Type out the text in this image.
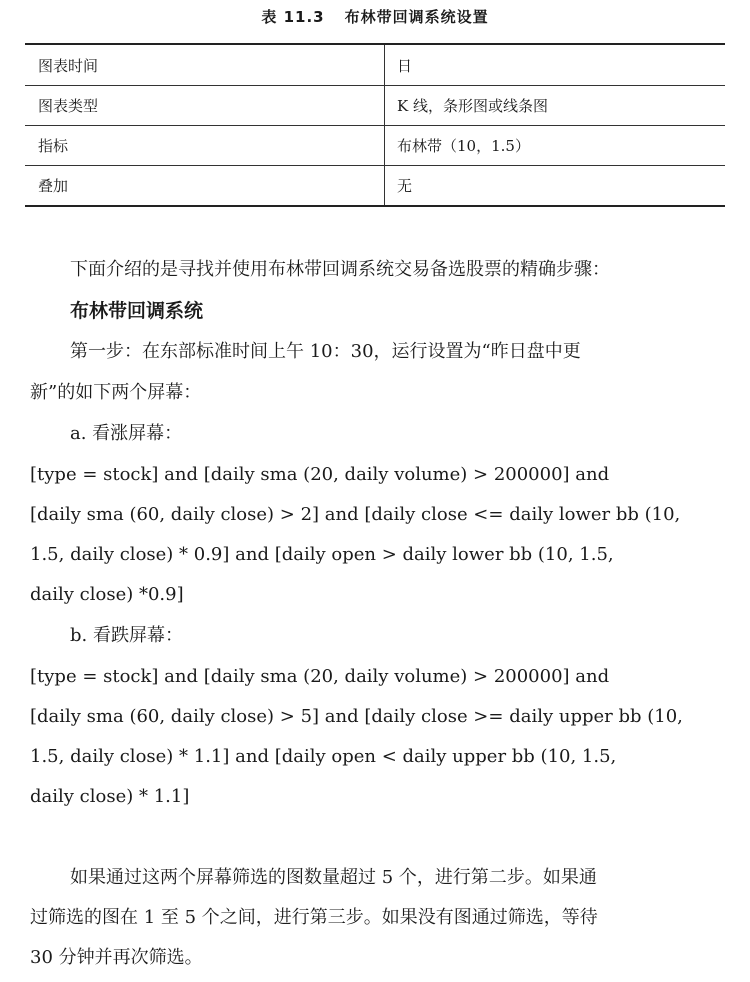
表 11.3 布林带回调系统设置
图表时间	日
图表类型	K 线，条形图或线条图
指标	布林带（10，1.5）
叠加	无

下面介绍的是寻找并使用布林带回调系统交易备选股票的精确步骤：

布林带回调系统

第一步：在东部标准时间上午 10：30，运行设置为“昨日盘中更

新”的如下两个屏幕：

a. 看涨屏幕：

[type = stock] and [daily sma (20, daily volume) > 200000] and

[daily sma (60, daily close) > 2] and [daily close <= daily lower bb (10,

1.5, daily close) * 0.9] and [daily open > daily lower bb (10, 1.5,

daily close) *0.9]

b. 看跌屏幕：

[type = stock] and [daily sma (20, daily volume) > 200000] and

[daily sma (60, daily close) > 5] and [daily close >= daily upper bb (10,

1.5, daily close) * 1.1] and [daily open < daily upper bb (10, 1.5,

daily close) * 1.1]

如果通过这两个屏幕筛选的图数量超过 5 个，进行第二步。如果通

过筛选的图在 1 至 5 个之间，进行第三步。如果没有图通过筛选，等待

30 分钟并再次筛选。
